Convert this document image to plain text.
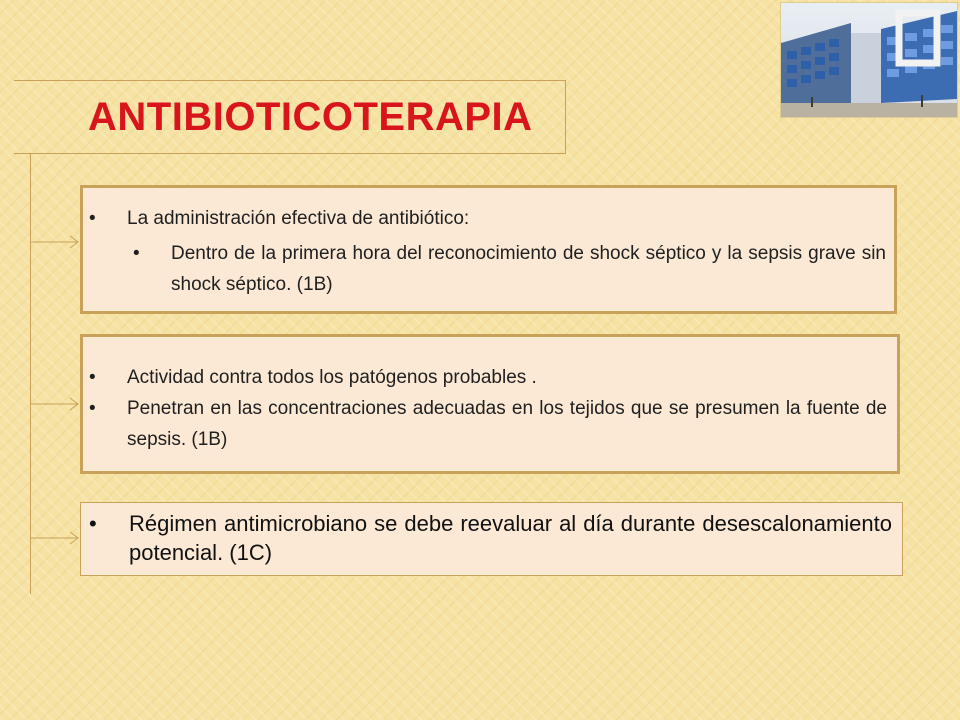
ANTIBIOTICOTERAPIA
• La administración efectiva de antibiótico:
• Dentro de la primera hora del reconocimiento de shock séptico y la sepsis grave sin shock séptico. (1B)
• Actividad contra todos los patógenos probables .
• Penetran en las concentraciones adecuadas en los tejidos que se presumen la fuente de sepsis. (1B)
• Régimen antimicrobiano se debe reevaluar al día durante desescalonamiento potencial. (1C)
